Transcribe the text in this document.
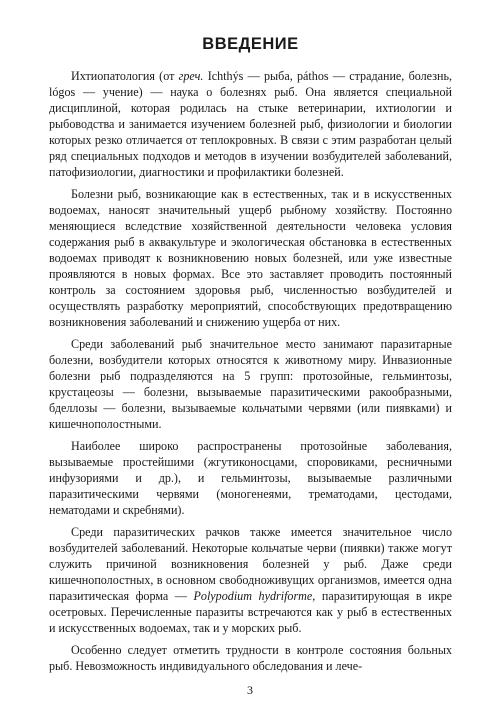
ВВЕДЕНИЕ

Ихтиопатология (от греч. Ichthýs — рыба, páthos — страдание, болезнь, lógos — учение) — наука о болезнях рыб. Она является специальной дисциплиной, которая родилась на стыке ветеринарии, ихтиологии и рыбоводства и занимается изучением болезней рыб, физиологии и биологии которых резко отличается от теплокровных. В связи с этим разработан целый ряд специальных подходов и методов в изучении возбудителей заболеваний, патофизиологии, диагностики и профилактики болезней.

Болезни рыб, возникающие как в естественных, так и в искусственных водоемах, наносят значительный ущерб рыбному хозяйству. Постоянно меняющиеся вследствие хозяйственной деятельности человека условия содержания рыб в аквакультуре и экологическая обстановка в естественных водоемах приводят к возникновению новых болезней, или уже известные проявляются в новых формах. Все это заставляет проводить постоянный контроль за состоянием здоровья рыб, численностью возбудителей и осуществлять разработку мероприятий, способствующих предотвращению возникновения заболеваний и снижению ущерба от них.

Среди заболеваний рыб значительное место занимают паразитарные болезни, возбудители которых относятся к животному миру. Инвазионные болезни рыб подразделяются на 5 групп: протозойные, гельминтозы, крустацеозы — болезни, вызываемые паразитическими ракообразными, бделлозы — болезни, вызываемые кольчатыми червями (или пиявками) и кишечнополостными.

Наиболее широко распространены протозойные заболевания, вызываемые простейшими (жгутиконосцами, споровиками, ресничными инфузориями и др.), и гельминтозы, вызываемые различными паразитическими червями (моногенеями, трематодами, цестодами, нематодами и скребнями).

Среди паразитических рачков также имеется значительное число возбудителей заболеваний. Некоторые кольчатые черви (пиявки) также могут служить причиной возникновения болезней у рыб. Даже среди кишечнополостных, в основном свободноживущих организмов, имеется одна паразитическая форма — Polypodium hydriforme, паразитирующая в икре осетровых. Перечисленные паразиты встречаются как у рыб в естественных и искусственных водоемах, так и у морских рыб.

Особенно следует отметить трудности в контроле состояния больных рыб. Невозможность индивидуального обследования и лече-

3
